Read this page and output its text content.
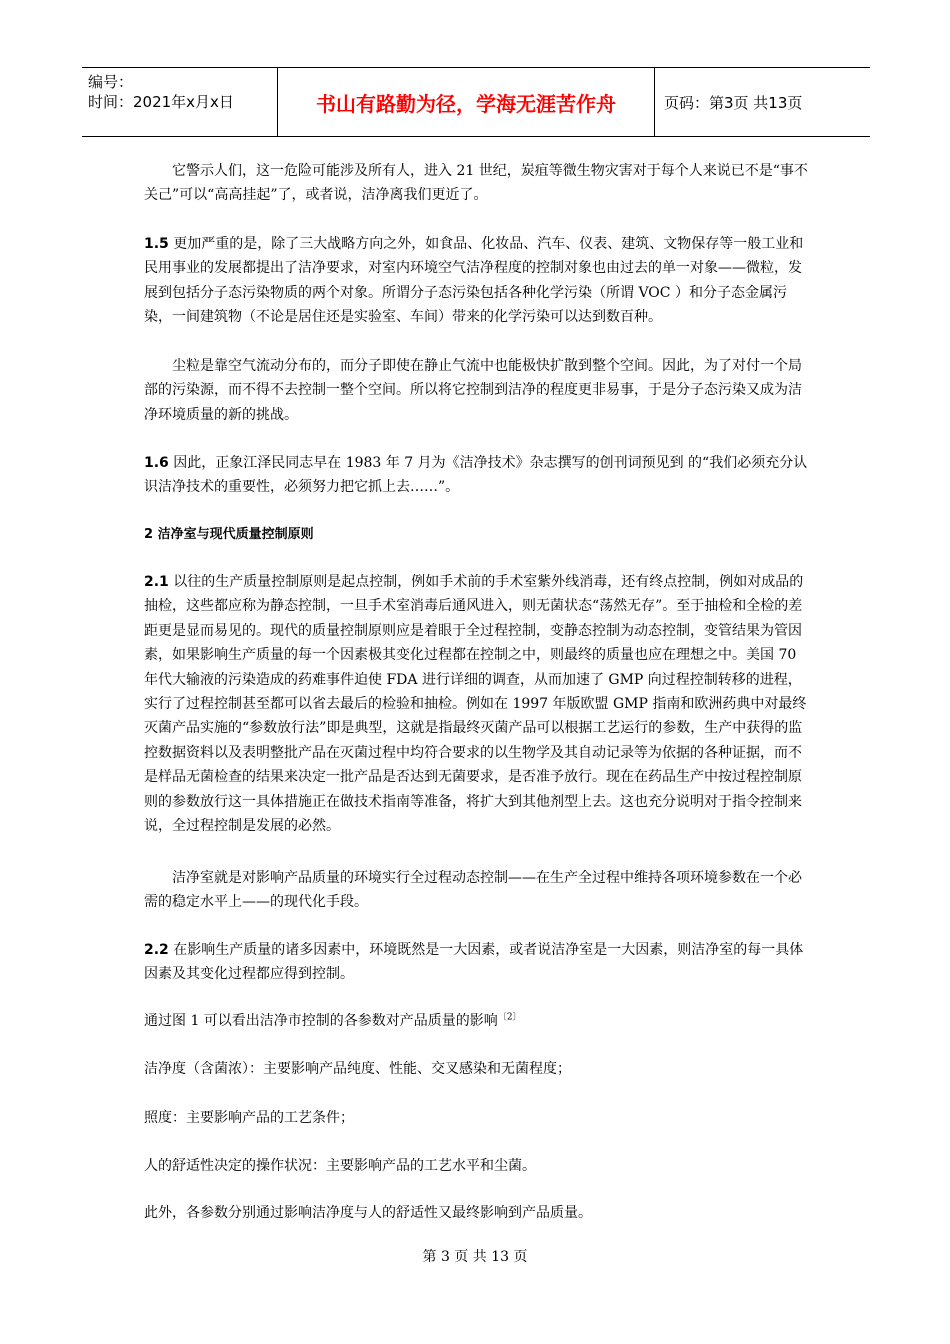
编号：
时间：2021年x月x日	书山有路勤为径，学海无涯苦作舟	页码：第3页 共13页

它警示人们，这一危险可能涉及所有人，进入 21 世纪，炭疽等微生物灾害对于每个人来说已不是“事不关己”可以“高高挂起”了，或者说，洁净离我们更近了。

1.5 更加严重的是，除了三大战略方向之外，如食品、化妆品、汽车、仪表、建筑、文物保存等一般工业和民用事业的发展都提出了洁净要求，对室内环境空气洁净程度的控制对象也由过去的单一对象——微粒，发展到包括分子态污染物质的两个对象。所谓分子态污染包括各种化学污染（所谓 VOC ）和分子态金属污染，一间建筑物（不论是居住还是实验室、车间）带来的化学污染可以达到数百种。

尘粒是靠空气流动分布的，而分子即使在静止气流中也能极快扩散到整个空间。因此，为了对付一个局部的污染源，而不得不去控制一整个空间。所以将它控制到洁净的程度更非易事，于是分子态污染又成为洁净环境质量的新的挑战。

1.6 因此，正象江泽民同志早在 1983 年 7 月为《洁净技术》杂志撰写的创刊词预见到 的“我们必须充分认识洁净技术的重要性，必须努力把它抓上去……”。

2 洁净室与现代质量控制原则

2.1 以往的生产质量控制原则是起点控制，例如手术前的手术室紫外线消毒，还有终点控制，例如对成品的抽检，这些都应称为静态控制，一旦手术室消毒后通风进入，则无菌状态“荡然无存”。至于抽检和全检的差距更是显而易见的。现代的质量控制原则应是着眼于全过程控制，变静态控制为动态控制，变管结果为管因素，如果影响生产质量的每一个因素极其变化过程都在控制之中，则最终的质量也应在理想之中。美国 70 年代大输液的污染造成的药难事件迫使 FDA 进行详细的调查，从而加速了 GMP 向过程控制转移的进程，实行了过程控制甚至都可以省去最后的检验和抽检。例如在 1997 年版欧盟 GMP 指南和欧洲药典中对最终灭菌产品实施的“参数放行法”即是典型，这就是指最终灭菌产品可以根据工艺运行的参数，生产中获得的监控数据资料以及表明整批产品在灭菌过程中均符合要求的以生物学及其自动记录等为依据的各种证据，而不是样品无菌检查的结果来决定一批产品是否达到无菌要求，是否准予放行。现在在药品生产中按过程控制原则的参数放行这一具体措施正在做技术指南等准备，将扩大到其他剂型上去。这也充分说明对于指令控制来说，全过程控制是发展的必然。

洁净室就是对影响产品质量的环境实行全过程动态控制——在生产全过程中维持各项环境参数在一个必需的稳定水平上——的现代化手段。

2.2 在影响生产质量的诸多因素中，环境既然是一大因素，或者说洁净室是一大因素，则洁净室的每一具体因素及其变化过程都应得到控制。

通过图 1 可以看出洁净市控制的各参数对产品质量的影响$^{〔2〕}$

洁净度（含菌浓）：主要影响产品纯度、性能、交叉感染和无菌程度；

照度：主要影响产品的工艺条件；

人的舒适性决定的操作状况：主要影响产品的工艺水平和尘菌。

此外，各参数分别通过影响洁净度与人的舒适性又最终影响到产品质量。

第 3 页 共 13 页
